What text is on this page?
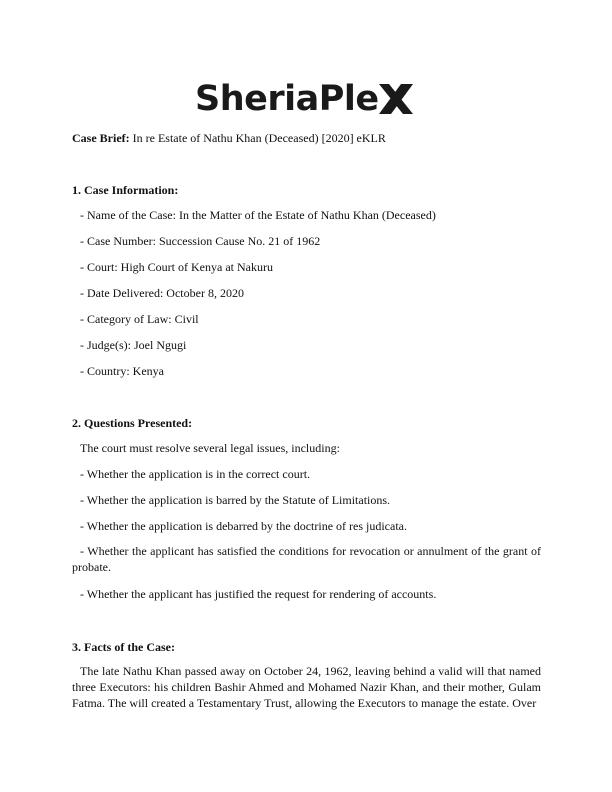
SheriaPle
Case Brief: In re Estate of Nathu Khan (Deceased) [2020] eKLR
1. Case Information:
- Name of the Case: In the Matter of the Estate of Nathu Khan (Deceased)
- Case Number: Succession Cause No. 21 of 1962
- Court: High Court of Kenya at Nakuru
- Date Delivered: October 8, 2020
- Category of Law: Civil
- Judge(s): Joel Ngugi
- Country: Kenya
2. Questions Presented:
The court must resolve several legal issues, including:
- Whether the application is in the correct court.
- Whether the application is barred by the Statute of Limitations.
- Whether the application is debarred by the doctrine of res judicata.
- Whether the applicant has satisfied the conditions for revocation or annulment of the grant of probate.
- Whether the applicant has justified the request for rendering of accounts.
3. Facts of the Case:
The late Nathu Khan passed away on October 24, 1962, leaving behind a valid will that named three Executors: his children Bashir Ahmed and Mohamed Nazir Khan, and their mother, Gulam Fatma. The will created a Testamentary Trust, allowing the Executors to manage the estate. Over
